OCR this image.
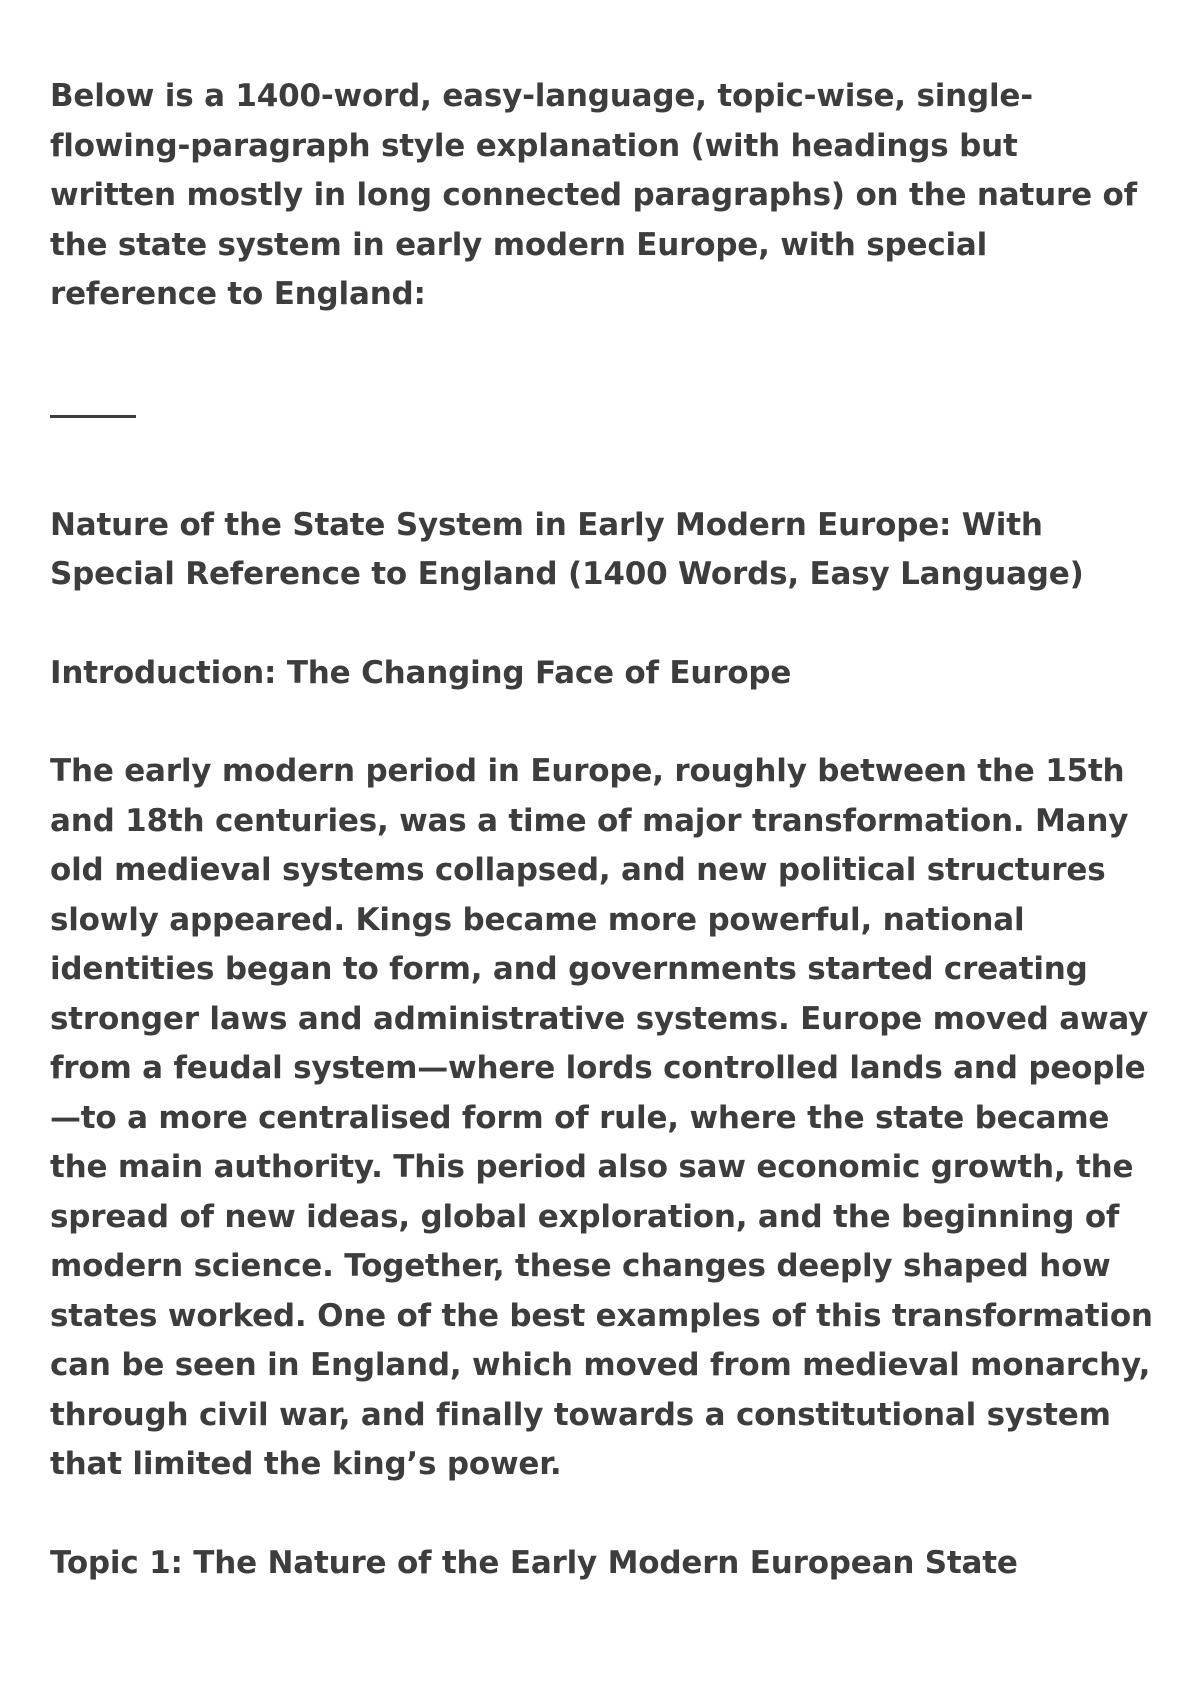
Below is a 1400-word, easy-language, topic-wise, single-flowing-paragraph style explanation (with headings but written mostly in long connected paragraphs) on the nature of the state system in early modern Europe, with special reference to England:

Nature of the State System in Early Modern Europe: With Special Reference to England (1400 Words, Easy Language)

Introduction: The Changing Face of Europe

The early modern period in Europe, roughly between the 15th and 18th centuries, was a time of major transformation. Many old medieval systems collapsed, and new political structures slowly appeared. Kings became more powerful, national identities began to form, and governments started creating stronger laws and administrative systems. Europe moved away from a feudal system—where lords controlled lands and people—to a more centralised form of rule, where the state became the main authority. This period also saw economic growth, the spread of new ideas, global exploration, and the beginning of modern science. Together, these changes deeply shaped how states worked. One of the best examples of this transformation can be seen in England, which moved from medieval monarchy, through civil war, and finally towards a constitutional system that limited the king’s power.

Topic 1: The Nature of the Early Modern European State
